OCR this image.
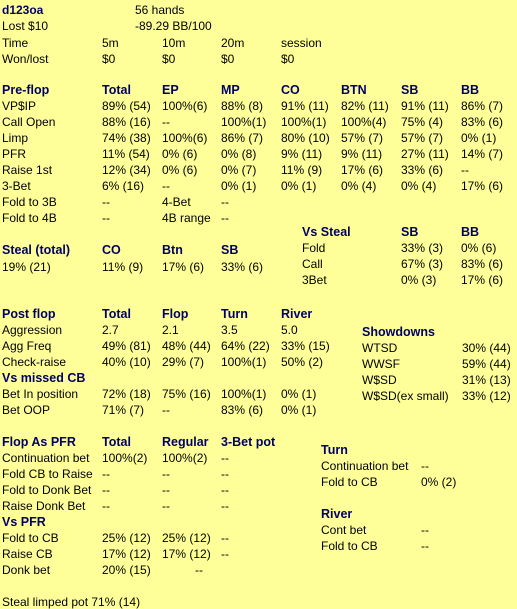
d123oa	56 hands
Lost $10	-89.29 BB/100
Time	5m	10m	20m	session
Won/lost	$0	$0	$0	$0
Pre-flop	Total EP	MP	CO	BTN	SB	BB
VP$IP	89% (54) 100%(6) 88% (8) 91% (11) 82% (11) 91% (11) 86% (7)
Call Open	88% (16) --	100%(1) 100%(1) 100%(4) 75% (4) 83% (6)
Limp	74% (38) 100%(6) 86% (7) 80% (10) 57% (7) 57% (7) 0% (1)
PFR	11% (54) 0% (6) 0% (8) 9% (11) 9% (11) 27% (11) 14% (7)
Raise 1st	12% (34) 0% (6) 0% (7) 11% (9) 17% (6) 33% (6) --
3-Bet	6% (16) --	0% (1) 0% (1) 0% (4) 0% (4) 17% (6)
Fold to 3B	--	4-Bet	--
Fold to 4B	--	4B range --
Vs Steal	SB	BB
Fold	33% (3) 0% (6)
Call	67% (3) 83% (6)
3Bet	0% (3) 17% (6)
Steal (total)	CO	Btn	SB
19% (21)	11% (9) 17% (6) 33% (6)
Post flop	Total Flop	Turn	River
Aggression	2.7	2.1	3.5	5.0
Agg Freq	49% (81) 48% (44) 64% (22) 33% (15)
Check-raise	40% (10) 29% (7) 100%(1) 50% (2)
Vs missed CB
Bet In position 72% (18) 75% (16) 100%(1) 0% (1)
Bet OOP	71% (7) --	83% (6) 0% (1)
Showdowns
WTSD	30% (44)
WWSF	59% (44)
W$SD	31% (13)
W$SD(ex small) 33% (12)
Flop As PFR Total Regular 3-Bet pot
Continuation bet 100%(2) 100%(2) --
Fold CB to Raise --	--	--
Fold to Donk Bet --	--	--
Raise Donk Bet --	--	--
Vs PFR
Fold to CB	25% (12) 25% (12) --
Raise CB	17% (12) 17% (12) --
Donk bet	20% (15)	--
Steal limped pot 71% (14)
Turn
Continuation bet --
Fold to CB	0% (2)
River
Cont bet	--
Fold to CB	--
